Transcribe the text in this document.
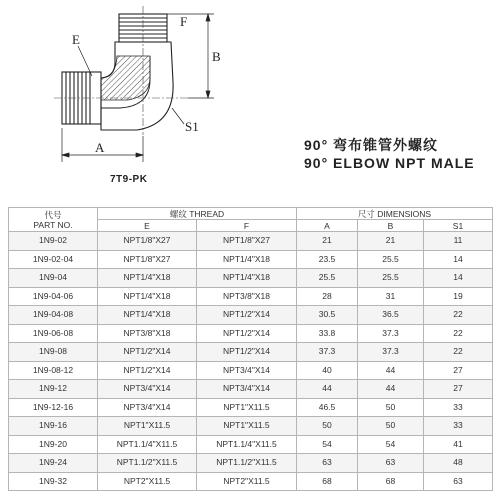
E
F
A
B
S1
7T9-PK
90° 弯布锥管外螺纹
90° ELBOW NPT MALE
代号
PART NO.	螺纹 THREAD		尺寸 DIMENSIONS		
	E	F	A	B	S1
1N9-02	NPT1/8"X27	NPT1/8"X27	21	21	11
1N9-02-04	NPT1/8"X27	NPT1/4"X18	23.5	25.5	14
1N9-04	NPT1/4"X18	NPT1/4"X18	25.5	25.5	14
1N9-04-06	NPT1/4"X18	NPT3/8"X18	28	31	19
1N9-04-08	NPT1/4"X18	NPT1/2"X14	30.5	36.5	22
1N9-06-08	NPT3/8"X18	NPT1/2"X14	33.8	37.3	22
1N9-08	NPT1/2"X14	NPT1/2"X14	37.3	37.3	22
1N9-08-12	NPT1/2"X14	NPT3/4"X14	40	44	27
1N9-12	NPT3/4"X14	NPT3/4"X14	44	44	27
1N9-12-16	NPT3/4"X14	NPT1"X11.5	46.5	50	33
1N9-16	NPT1"X11.5	NPT1"X11.5	50	50	33
1N9-20	NPT1.1/4"X11.5	NPT1.1/4"X11.5	54	54	41
1N9-24	NPT1.1/2"X11.5	NPT1.1/2"X11.5	63	63	48
1N9-32	NPT2"X11.5	NPT2"X11.5	68	68	63
